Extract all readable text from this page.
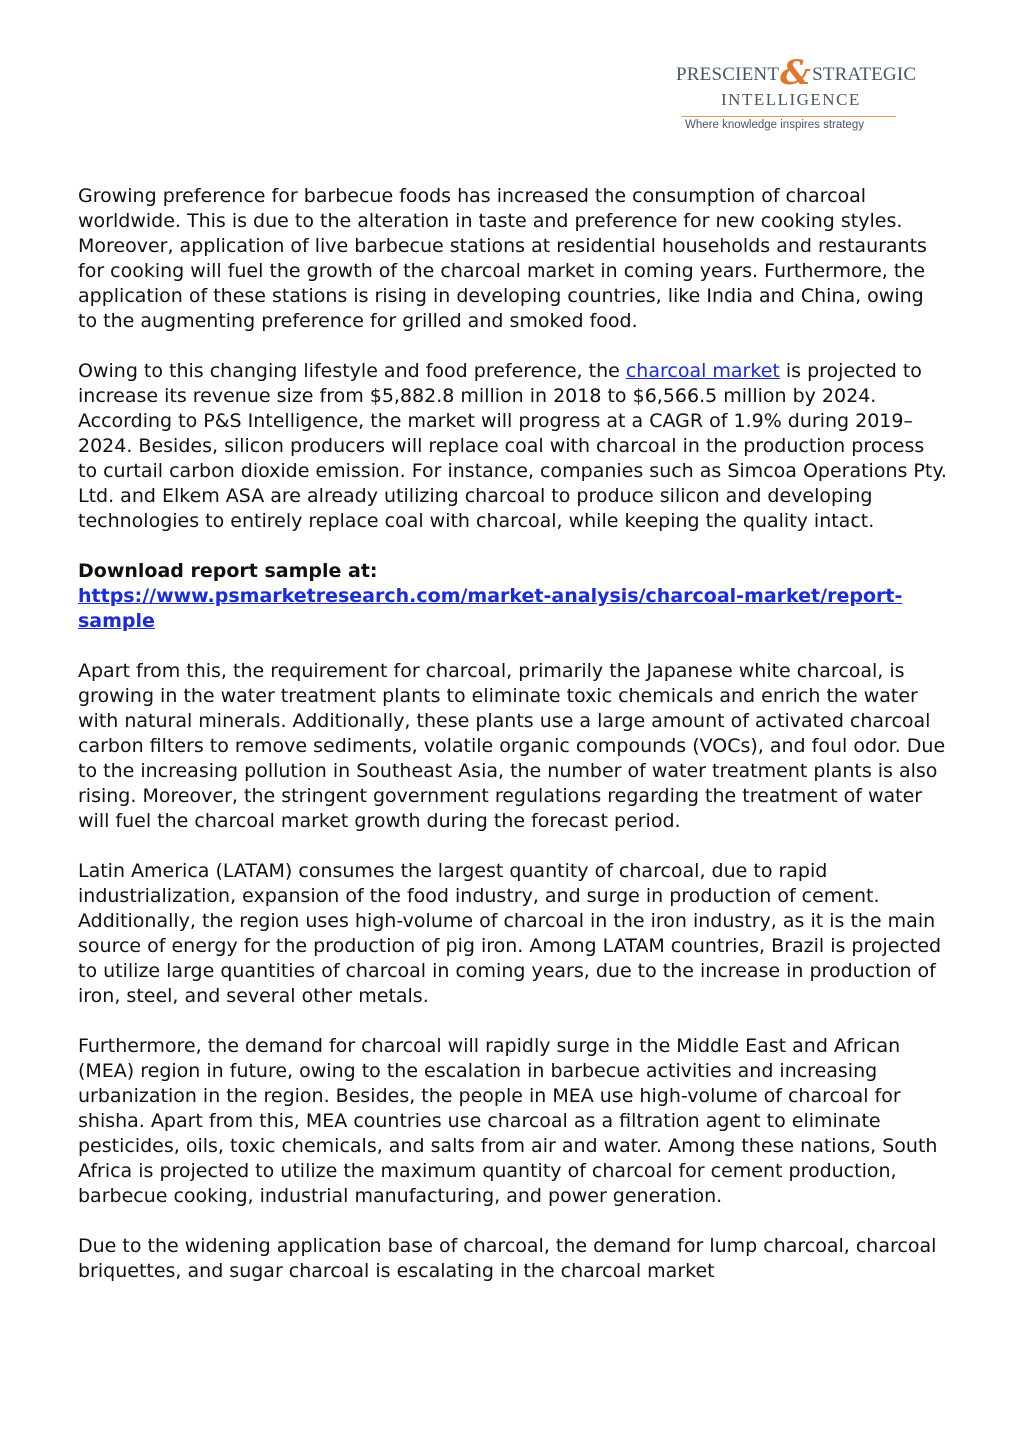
PRESCIENT&STRATEGIC
INTELLIGENCE
Where knowledge inspires strategy

Growing preference for barbecue foods has increased the consumption of charcoal worldwide. This is due to the alteration in taste and preference for new cooking styles. Moreover, application of live barbecue stations at residential households and restaurants for cooking will fuel the growth of the charcoal market in coming years. Furthermore, the application of these stations is rising in developing countries, like India and China, owing to the augmenting preference for grilled and smoked food.

Owing to this changing lifestyle and food preference, the charcoal market is projected to increase its revenue size from $5,882.8 million in 2018 to $6,566.5 million by 2024. According to P&S Intelligence, the market will progress at a CAGR of 1.9% during 2019–2024. Besides, silicon producers will replace coal with charcoal in the production process to curtail carbon dioxide emission. For instance, companies such as Simcoa Operations Pty. Ltd. and Elkem ASA are already utilizing charcoal to produce silicon and developing technologies to entirely replace coal with charcoal, while keeping the quality intact.

Download report sample at:
https://www.psmarketresearch.com/market-analysis/charcoal-market/report-sample

Apart from this, the requirement for charcoal, primarily the Japanese white charcoal, is growing in the water treatment plants to eliminate toxic chemicals and enrich the water with natural minerals. Additionally, these plants use a large amount of activated charcoal carbon filters to remove sediments, volatile organic compounds (VOCs), and foul odor. Due to the increasing pollution in Southeast Asia, the number of water treatment plants is also rising. Moreover, the stringent government regulations regarding the treatment of water will fuel the charcoal market growth during the forecast period.

Latin America (LATAM) consumes the largest quantity of charcoal, due to rapid industrialization, expansion of the food industry, and surge in production of cement. Additionally, the region uses high-volume of charcoal in the iron industry, as it is the main source of energy for the production of pig iron. Among LATAM countries, Brazil is projected to utilize large quantities of charcoal in coming years, due to the increase in production of iron, steel, and several other metals.

Furthermore, the demand for charcoal will rapidly surge in the Middle East and African (MEA) region in future, owing to the escalation in barbecue activities and increasing urbanization in the region. Besides, the people in MEA use high-volume of charcoal for shisha. Apart from this, MEA countries use charcoal as a filtration agent to eliminate pesticides, oils, toxic chemicals, and salts from air and water. Among these nations, South Africa is projected to utilize the maximum quantity of charcoal for cement production, barbecue cooking, industrial manufacturing, and power generation.

Due to the widening application base of charcoal, the demand for lump charcoal, charcoal briquettes, and sugar charcoal is escalating in the charcoal market
